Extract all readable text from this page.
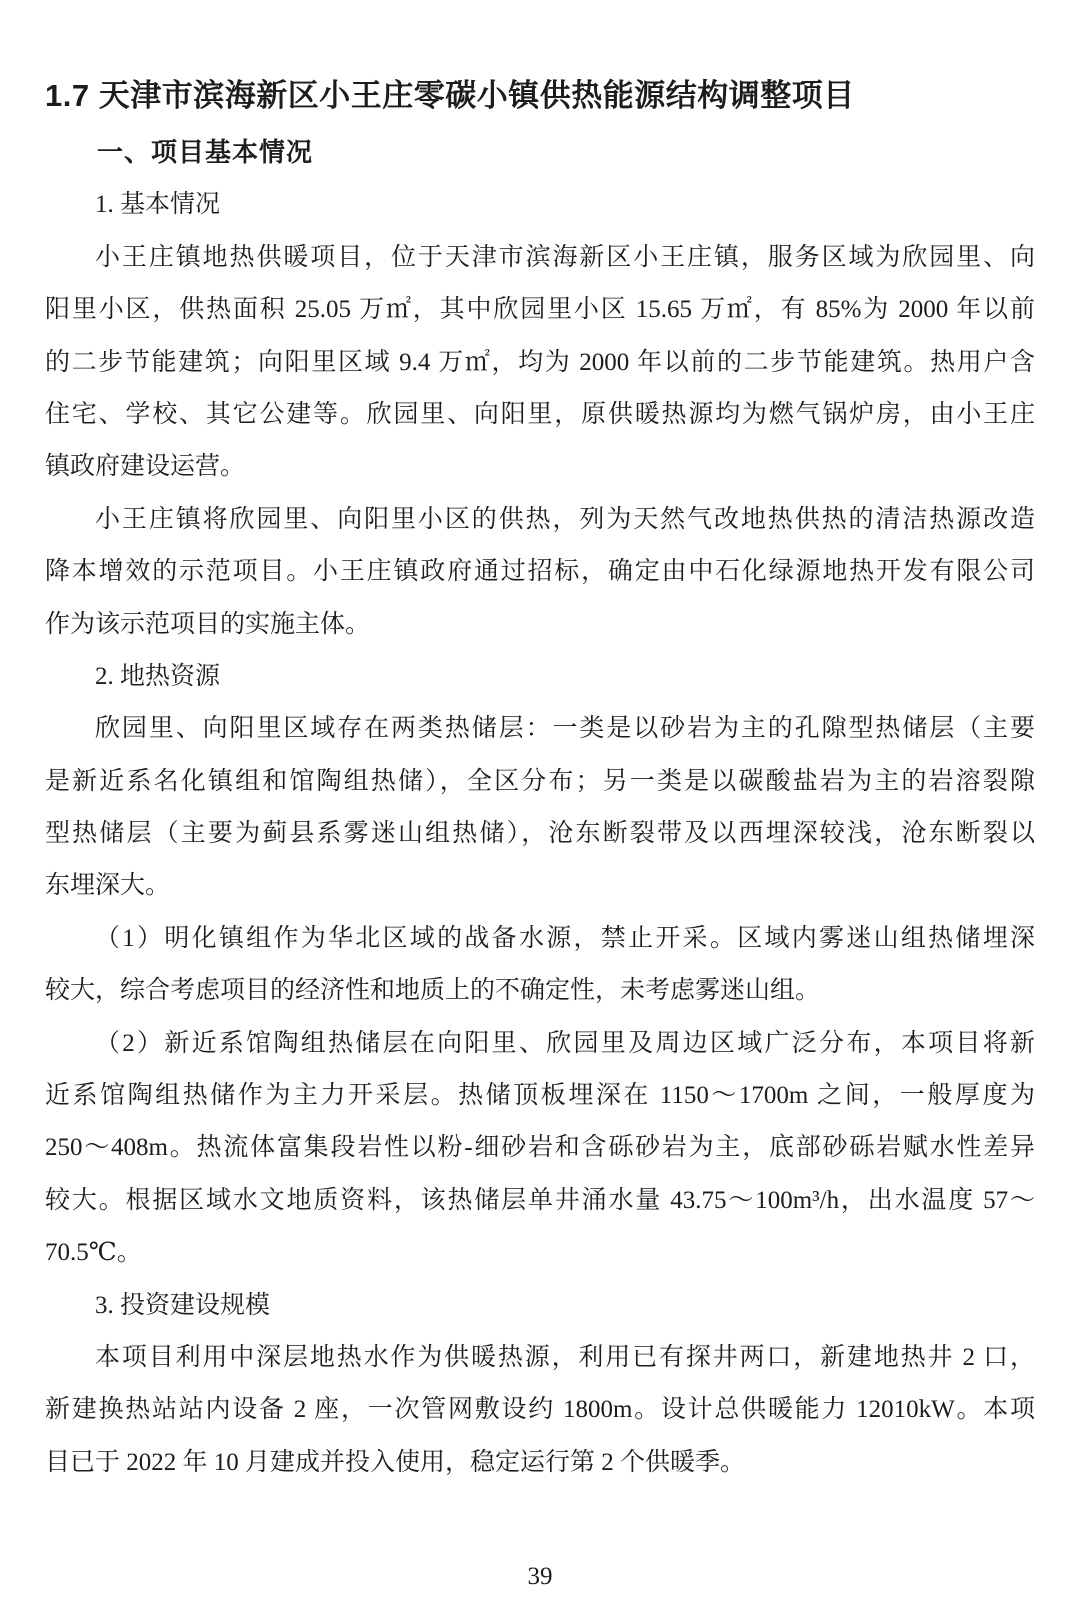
1.7 天津市滨海新区小王庄零碳小镇供热能源结构调整项目
一、项目基本情况
1. 基本情况
小王庄镇地热供暖项目，位于天津市滨海新区小王庄镇，服务区域为欣园里、向
阳里小区，供热面积 25.05 万㎡，其中欣园里小区 15.65 万㎡，有 85%为 2000 年以前
的二步节能建筑；向阳里区域 9.4 万㎡，均为 2000 年以前的二步节能建筑。热用户含
住宅、学校、其它公建等。欣园里、向阳里，原供暖热源均为燃气锅炉房，由小王庄
镇政府建设运营。
小王庄镇将欣园里、向阳里小区的供热，列为天然气改地热供热的清洁热源改造
降本增效的示范项目。小王庄镇政府通过招标，确定由中石化绿源地热开发有限公司
作为该示范项目的实施主体。
2. 地热资源
欣园里、向阳里区域存在两类热储层：一类是以砂岩为主的孔隙型热储层（主要
是新近系名化镇组和馆陶组热储），全区分布；另一类是以碳酸盐岩为主的岩溶裂隙
型热储层（主要为蓟县系雾迷山组热储），沧东断裂带及以西埋深较浅，沧东断裂以
东埋深大。
（1）明化镇组作为华北区域的战备水源，禁止开采。区域内雾迷山组热储埋深
较大，综合考虑项目的经济性和地质上的不确定性，未考虑雾迷山组。
（2）新近系馆陶组热储层在向阳里、欣园里及周边区域广泛分布，本项目将新
近系馆陶组热储作为主力开采层。热储顶板埋深在 1150～1700m 之间，一般厚度为
250～408m。热流体富集段岩性以粉-细砂岩和含砾砂岩为主，底部砂砾岩赋水性差异
较大。根据区域水文地质资料，该热储层单井涌水量 43.75～100m³/h，出水温度 57～
70.5℃。
3. 投资建设规模
本项目利用中深层地热水作为供暖热源，利用已有探井两口，新建地热井 2 口，
新建换热站站内设备 2 座，一次管网敷设约 1800m。设计总供暖能力 12010kW。本项
目已于 2022 年 10 月建成并投入使用，稳定运行第 2 个供暖季。
39
